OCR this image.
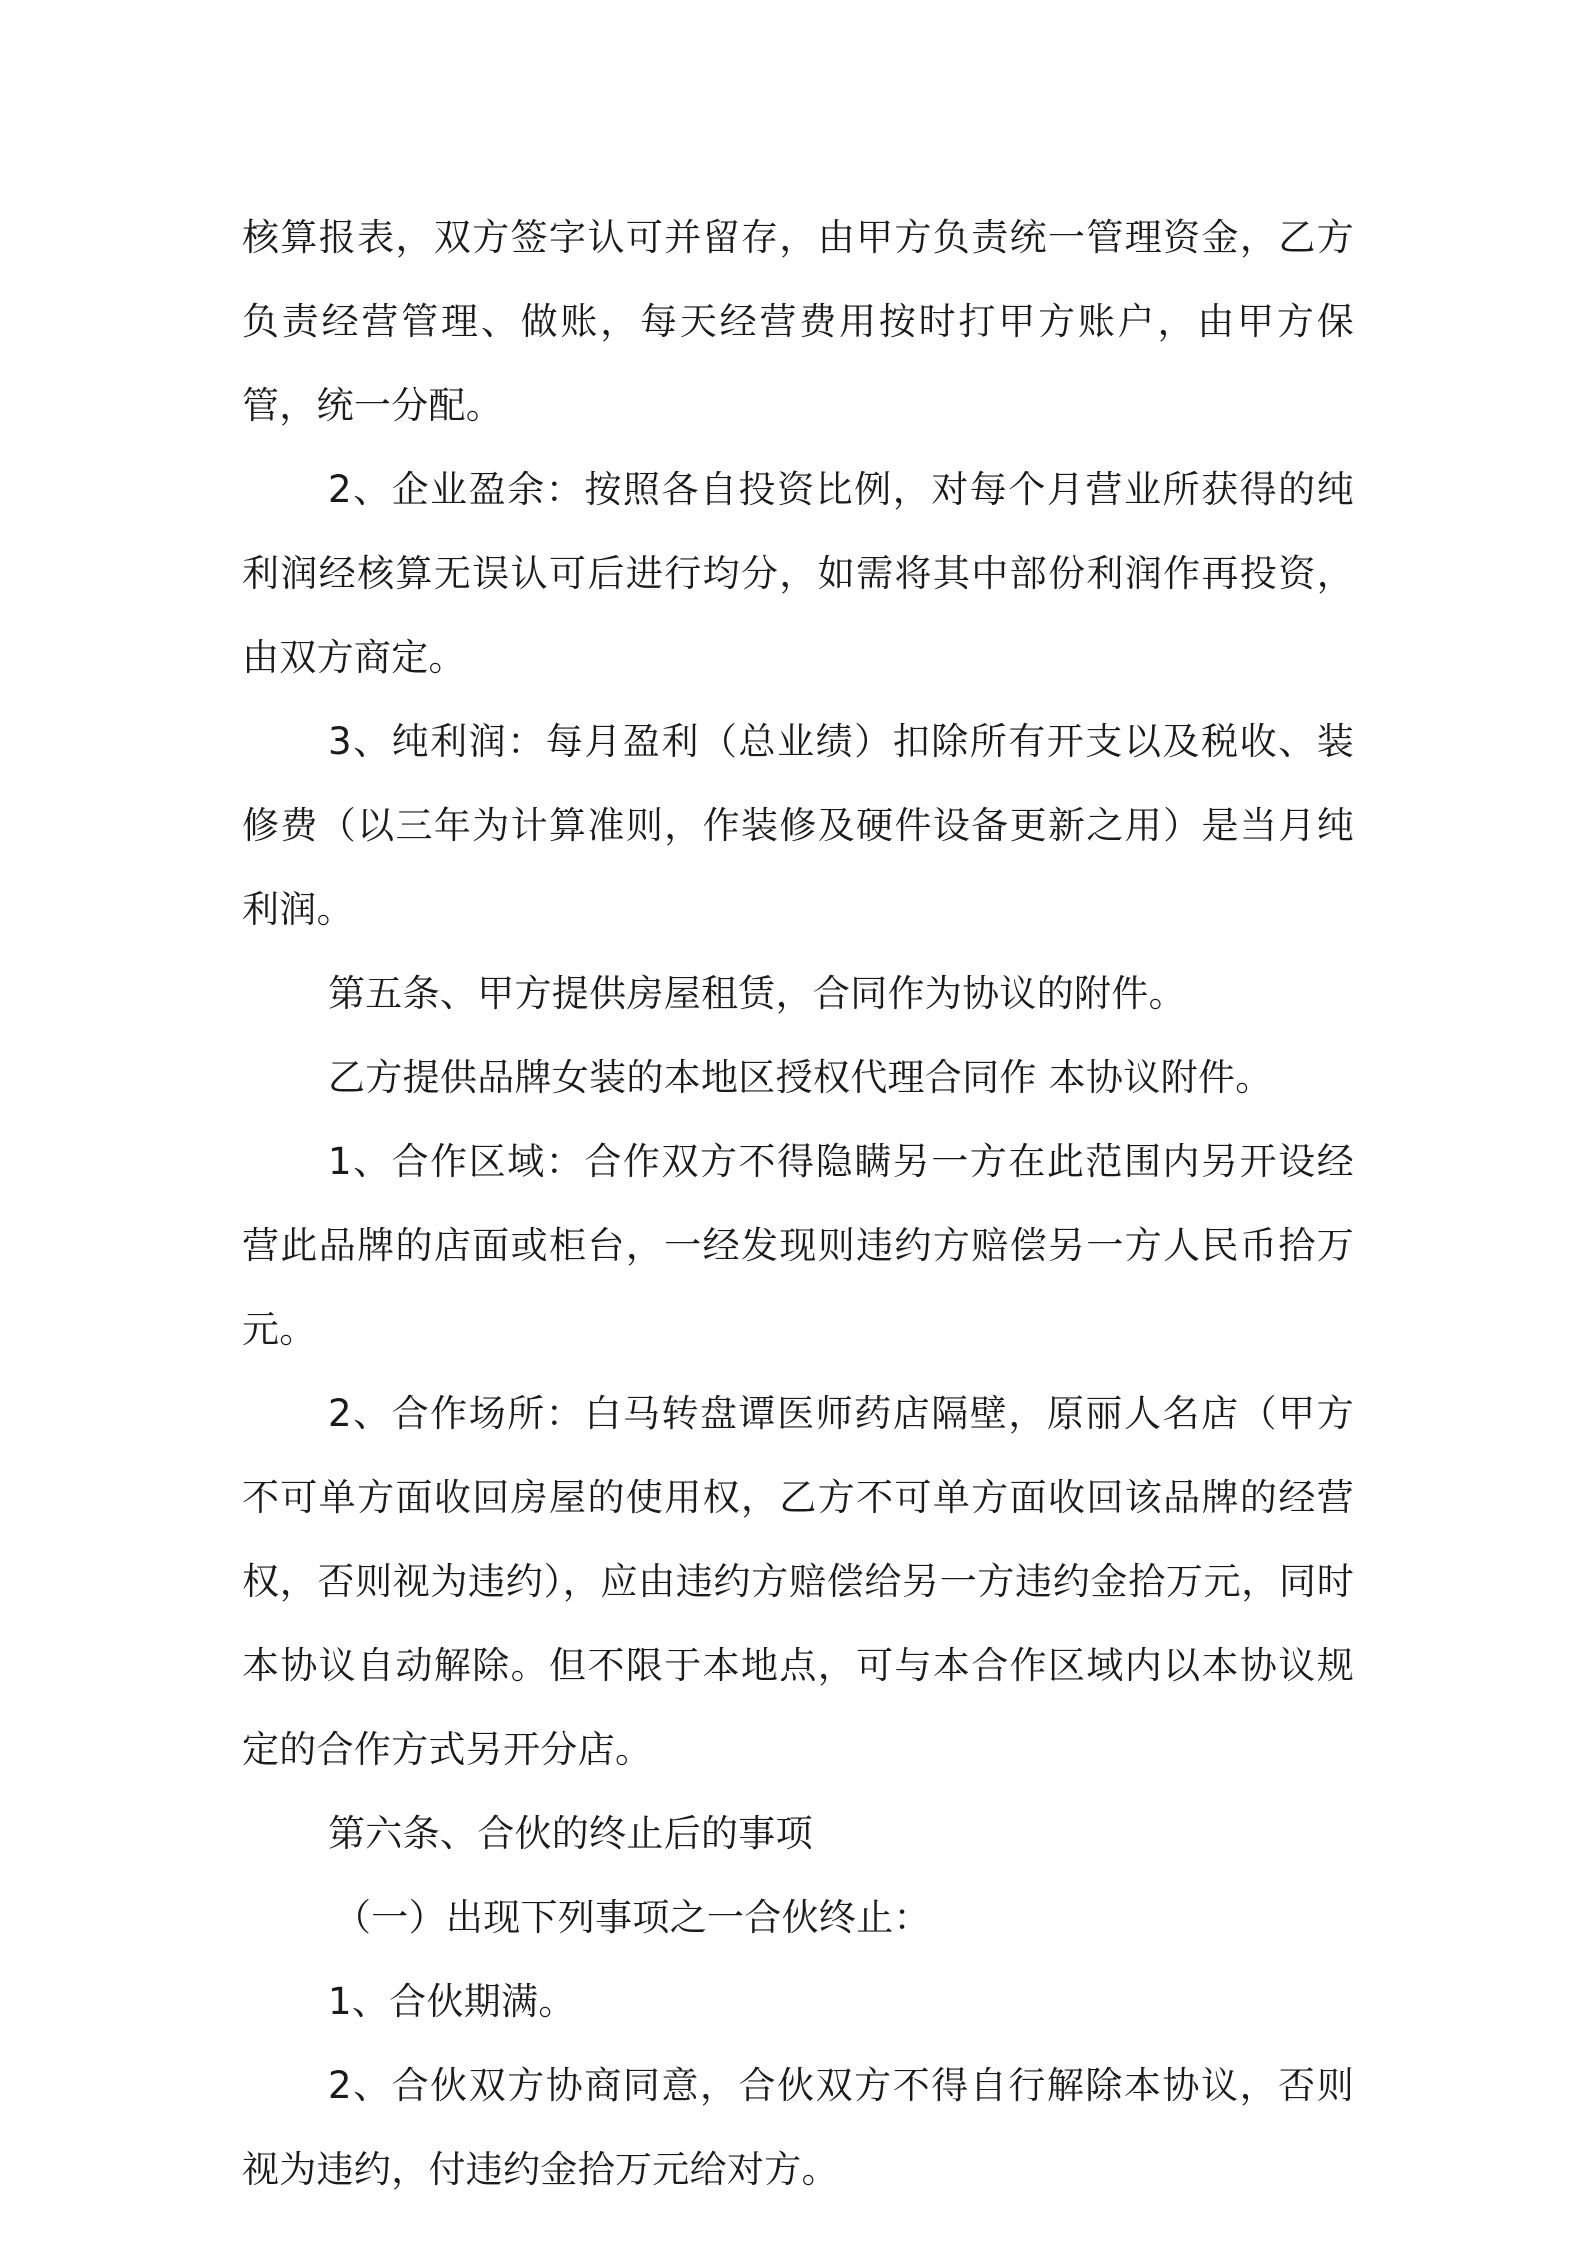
核算报表，双方签字认可并留存，由甲方负责统一管理资金，乙方负责经营管理、做账，每天经营费用按时打甲方账户，由甲方保管，统一分配。

2、企业盈余：按照各自投资比例，对每个月营业所获得的纯利润经核算无误认可后进行均分，如需将其中部份利润作再投资，由双方商定。

3、纯利润：每月盈利（总业绩）扣除所有开支以及税收、装修费（以三年为计算准则，作装修及硬件设备更新之用）是当月纯利润。

第五条、甲方提供房屋租赁，合同作为协议的附件。

乙方提供品牌女装的本地区授权代理合同作 本协议附件。

1、合作区域：合作双方不得隐瞒另一方在此范围内另开设经营此品牌的店面或柜台，一经发现则违约方赔偿另一方人民币拾万元。

2、合作场所：白马转盘谭医师药店隔壁，原丽人名店（甲方不可单方面收回房屋的使用权，乙方不可单方面收回该品牌的经营权，否则视为违约），应由违约方赔偿给另一方违约金拾万元，同时本协议自动解除。但不限于本地点，可与本合作区域内以本协议规定的合作方式另开分店。

第六条、合伙的终止后的事项

（一）出现下列事项之一合伙终止：

1、合伙期满。

2、合伙双方协商同意，合伙双方不得自行解除本协议，否则视为违约，付违约金拾万元给对方。
